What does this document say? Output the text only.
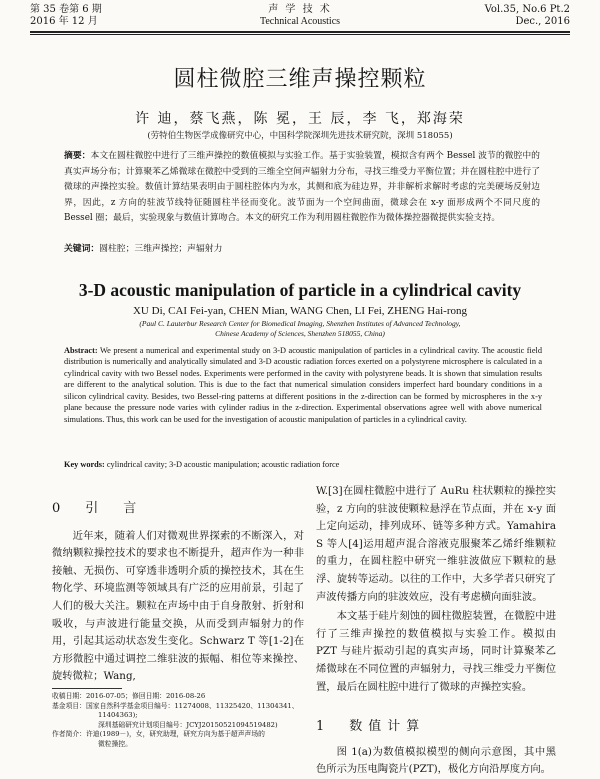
第 35 卷第 6 期
2016 年 12 月
声 学 技 术
Technical Acoustics
Vol.35, No.6 Pt.2
Dec., 2016
圆柱微腔三维声操控颗粒
许 迪，蔡飞燕，陈 冕，王 辰，李 飞，郑海荣
(劳特伯生物医学成像研究中心，中国科学院深圳先进技术研究院，深圳 518055)
摘要：本文在圆柱微腔中进行了三维声操控的数值模拟与实验工作。基于实验装置，模拟含有两个 Bessel 波节的微腔中的真实声场分布；计算聚苯乙烯微球在微腔中受到的三维全空间声辐射力分布，寻找三维受力平衡位置；并在圆柱腔中进行了微球的声操控实验。数值计算结果表明由于圆柱腔体内为水，其侧和底为硅边界，并非解析求解时考虑的完美硬场反射边界，因此，z 方向的驻波节线特征随圆柱半径而变化。波节面为一个空间曲面，微球会在 x-y 面形成两个不同尺度的 Bessel 圈；最后，实验现象与数值计算吻合。本文的研究工作为利用圆柱微腔作为微体操控器微提供实验支持。
关键词：圆柱腔；三维声操控；声辐射力
3-D acoustic manipulation of particle in a cylindrical cavity
XU Di, CAI Fei-yan, CHEN Mian, WANG Chen, LI Fei, ZHENG Hai-rong
(Paul C. Lauterbur Research Center for Biomedical Imaging, Shenzhen Institutes of Advanced Technology,
Chinese Academy of Sciences, Shenzhen 518055, China)
Abstract: We present a numerical and experimental study on 3-D acoustic manipulation of particles in a cylindrical cavity. The acoustic field distribution is numerically and analytically simulated and 3-D acoustic radiation forces exerted on a polystyrene microsphere is calculated in a cylindrical cavity with two Bessel nodes. Experiments were performed in the cavity with polystyrene beads. It is shown that simulation results are different to the analytical solution. This is due to the fact that numerical simulation considers imperfect hard boundary conditions in a silicon cylindrical cavity. Besides, two Bessel-ring patterns at different positions in the z-direction can be formed by microspheres in the x-y plane because the pressure node varies with cylinder radius in the z-direction. Experimental observations agree well with above numerical simulations. Thus, this work can be used for the investigation of acoustic manipulation of particles in a cylindrical cavity.
Key words: cylindrical cavity; 3-D acoustic manipulation; acoustic radiation force
0　引　言
近年来，随着人们对微观世界探索的不断深入，对微纳颗粒操控技术的要求也不断提升，超声作为一种非接触、无损伤、可穿透非透明介质的操控技术，其在生物化学、环境监测等领域具有广泛的应用前景，引起了人们的极大关注。颗粒在声场中由于自身散射、折射和吸收，与声波进行能量交换，从而受到声辐射力的作用，引起其运动状态发生变化。Schwarz T 等[1-2]在方形微腔中通过调控二维驻波的振幅、相位等来操控、旋转微粒；Wang,
W.[3]在圆柱微腔中进行了 AuRu 柱状颗粒的操控实验，z 方向的驻波使颗粒悬浮在节点面，并在 x-y 面上定向运动，排列成环、链等多种方式。Yamahira S 等人[4]运用超声混合溶液克服聚苯乙烯纤维颗粒的重力，在圆柱腔中研究一维驻波做应下颗粒的悬浮、旋转等运动。以往的工作中，大多学者只研究了声波传播方向的驻波效应，没有考虑横向面驻波。
本文基于硅片刻蚀的圆柱微腔装置，在微腔中进行了三维声操控的数值模拟与实验工作。模拟由 PZT 与硅片振动引起的真实声场，同时计算聚苯乙烯微球在不同位置的声辐射力，寻找三维受力平衡位置，最后在圆柱腔中进行了微球的声操控实验。
1　数值计算
图 1(a)为数值模拟模型的侧向示意图，其中黑色所示为压电陶瓷片(PZT)，极化方向沿厚度方向。
收稿日期：2016-07-05；修回日期：2016-08-26
基金项目：国家自然科学基金项目编号：11274008、11325420、11304341、
11404363);
深圳基础研究计划项目编号：JCYJ20150521094519482)
作者简介：许迪(1989－)，女，研究助理，研究方向为基于超声声场的
微粒操控。
